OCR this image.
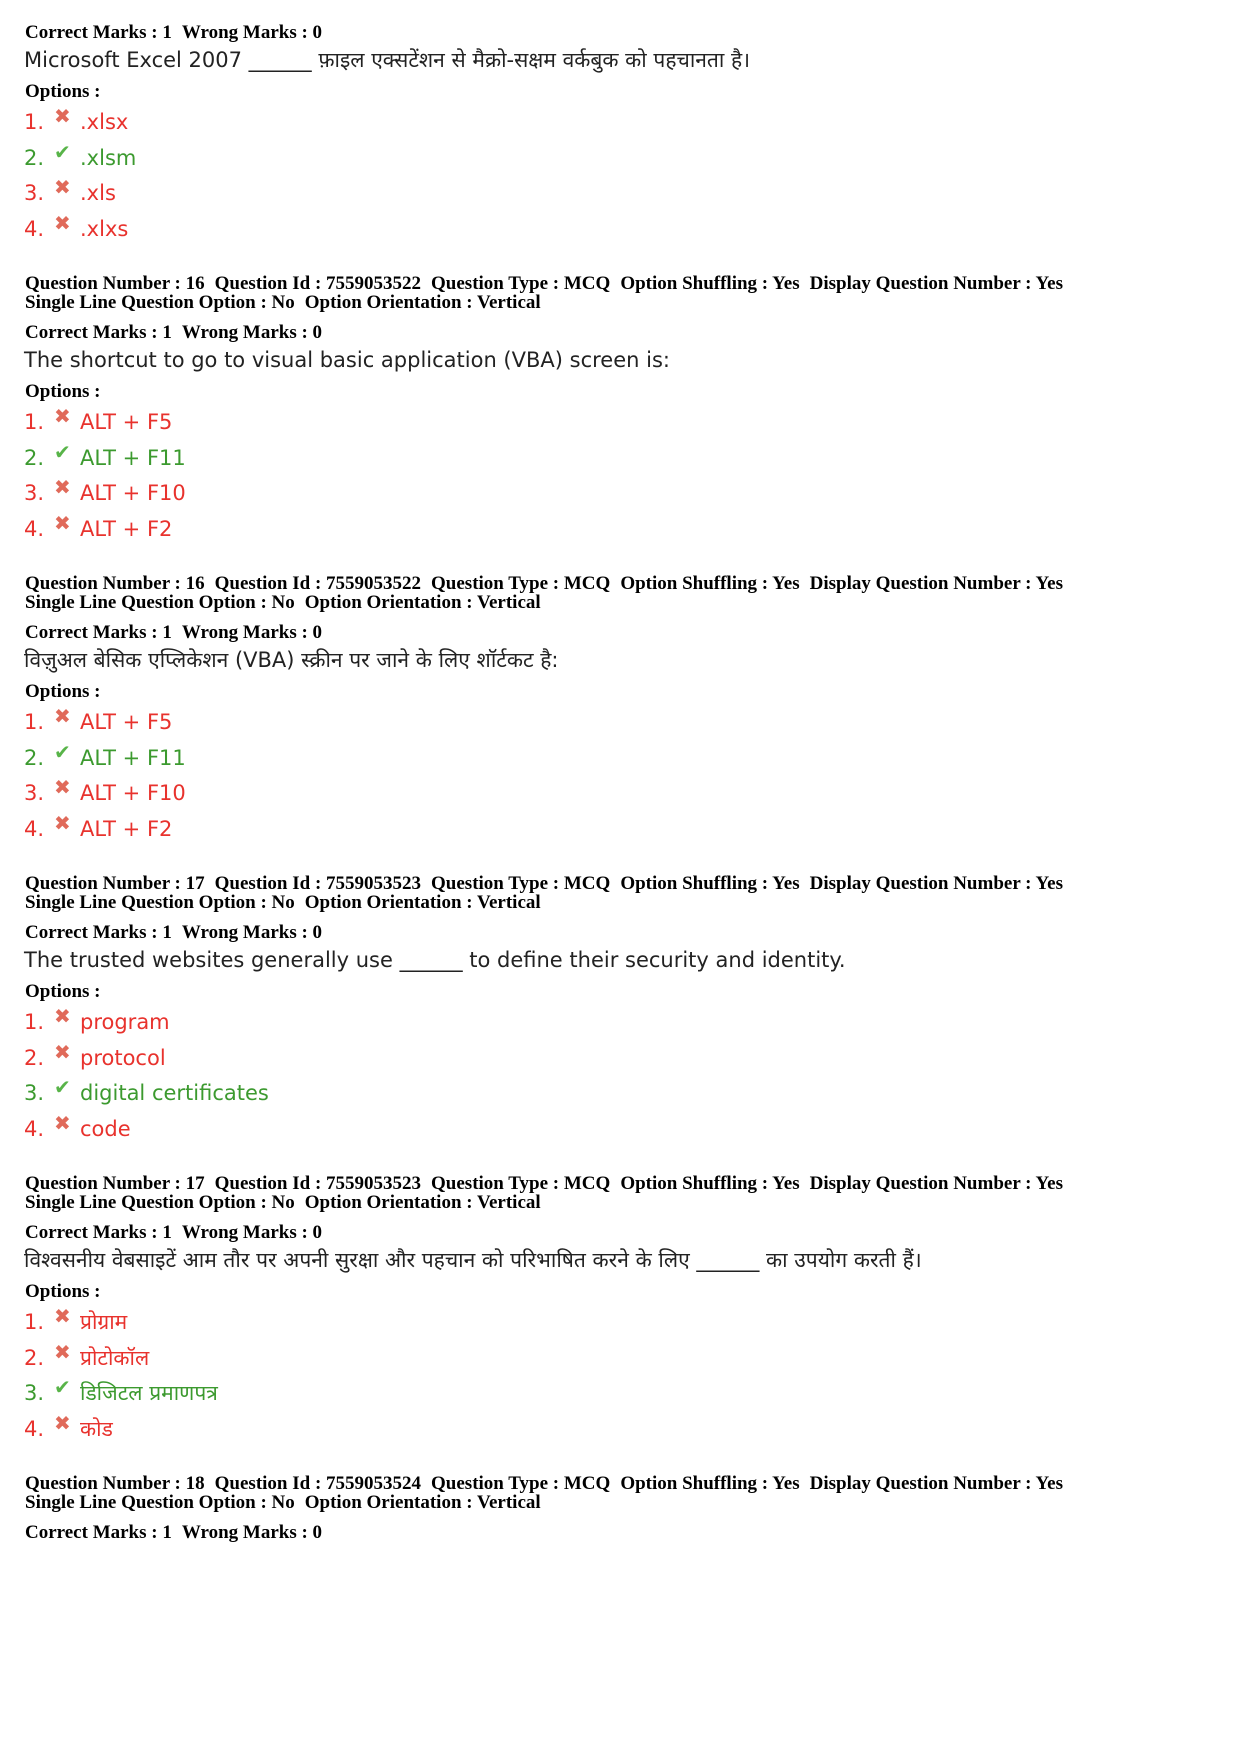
Correct Marks : 1 Wrong Marks : 0
Microsoft Excel 2007 ______ फ़ाइल एक्सटेंशन से मैक्रो-सक्षम वर्कबुक को पहचानता है।
Options :
1. ✖ .xlsx
2. ✔ .xlsm
3. ✖ .xls
4. ✖ .xlxs
Question Number : 16 Question Id : 7559053522 Question Type : MCQ Option Shuffling : Yes Display Question Number : Yes
Single Line Question Option : No Option Orientation : Vertical
Correct Marks : 1 Wrong Marks : 0
The shortcut to go to visual basic application (VBA) screen is:
Options :
1. ✖ ALT + F5
2. ✔ ALT + F11
3. ✖ ALT + F10
4. ✖ ALT + F2
Question Number : 16 Question Id : 7559053522 Question Type : MCQ Option Shuffling : Yes Display Question Number : Yes
Single Line Question Option : No Option Orientation : Vertical
Correct Marks : 1 Wrong Marks : 0
विज़ुअल बेसिक एप्लिकेशन (VBA) स्क्रीन पर जाने के लिए शॉर्टकट है:
Options :
1. ✖ ALT + F5
2. ✔ ALT + F11
3. ✖ ALT + F10
4. ✖ ALT + F2
Question Number : 17 Question Id : 7559053523 Question Type : MCQ Option Shuffling : Yes Display Question Number : Yes
Single Line Question Option : No Option Orientation : Vertical
Correct Marks : 1 Wrong Marks : 0
The trusted websites generally use ______ to define their security and identity.
Options :
1. ✖ program
2. ✖ protocol
3. ✔ digital certificates
4. ✖ code
Question Number : 17 Question Id : 7559053523 Question Type : MCQ Option Shuffling : Yes Display Question Number : Yes
Single Line Question Option : No Option Orientation : Vertical
Correct Marks : 1 Wrong Marks : 0
विश्वसनीय वेबसाइटें आम तौर पर अपनी सुरक्षा और पहचान को परिभाषित करने के लिए ______ का उपयोग करती हैं।
Options :
1. ✖ प्रोग्राम
2. ✖ प्रोटोकॉल
3. ✔ डिजिटल प्रमाणपत्र
4. ✖ कोड
Question Number : 18 Question Id : 7559053524 Question Type : MCQ Option Shuffling : Yes Display Question Number : Yes
Single Line Question Option : No Option Orientation : Vertical
Correct Marks : 1 Wrong Marks : 0
